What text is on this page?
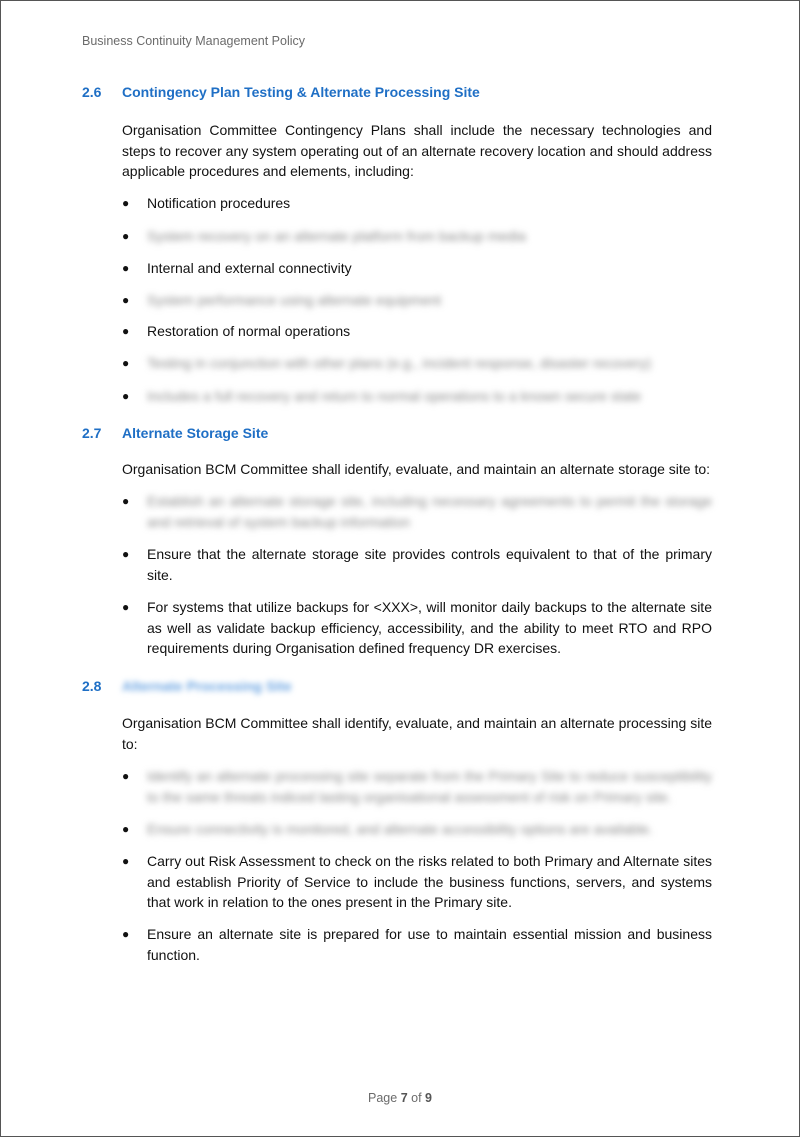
Business Continuity Management Policy
2.6 Contingency Plan Testing & Alternate Processing Site
Organisation Committee Contingency Plans shall include the necessary technologies and steps to recover any system operating out of an alternate recovery location and should address applicable procedures and elements, including:
●	Notification procedures
●	System recovery on an alternate platform from backup media
●	Internal and external connectivity
●	System performance using alternate equipment
●	Restoration of normal operations
●	Testing in conjunction with other plans (e.g., incident response, disaster recovery)
●	Includes a full recovery and return to normal operations to a known secure state
2.7 Alternate Storage Site
Organisation BCM Committee shall identify, evaluate, and maintain an alternate storage site to:
●	Establish an alternate storage site, including necessary agreements to permit the storage and retrieval of system backup information
●	Ensure that the alternate storage site provides controls equivalent to that of the primary site.
●	For systems that utilize backups for <XXX>, will monitor daily backups to the alternate site as well as validate backup efficiency, accessibility, and the ability to meet RTO and RPO requirements during Organisation defined frequency DR exercises.
2.8 Alternate Processing Site
Organisation BCM Committee shall identify, evaluate, and maintain an alternate processing site to:
●	Identify an alternate processing site separate from the Primary Site to reduce susceptibility to the same threats indiced lasting organisational assessment of risk on Primary site.
●	Ensure connectivity is monitored, and alternate accessibility options are available.
●	Carry out Risk Assessment to check on the risks related to both Primary and Alternate sites and establish Priority of Service to include the business functions, servers, and systems that work in relation to the ones present in the Primary site.
●	Ensure an alternate site is prepared for use to maintain essential mission and business function.
Page 7 of 9
